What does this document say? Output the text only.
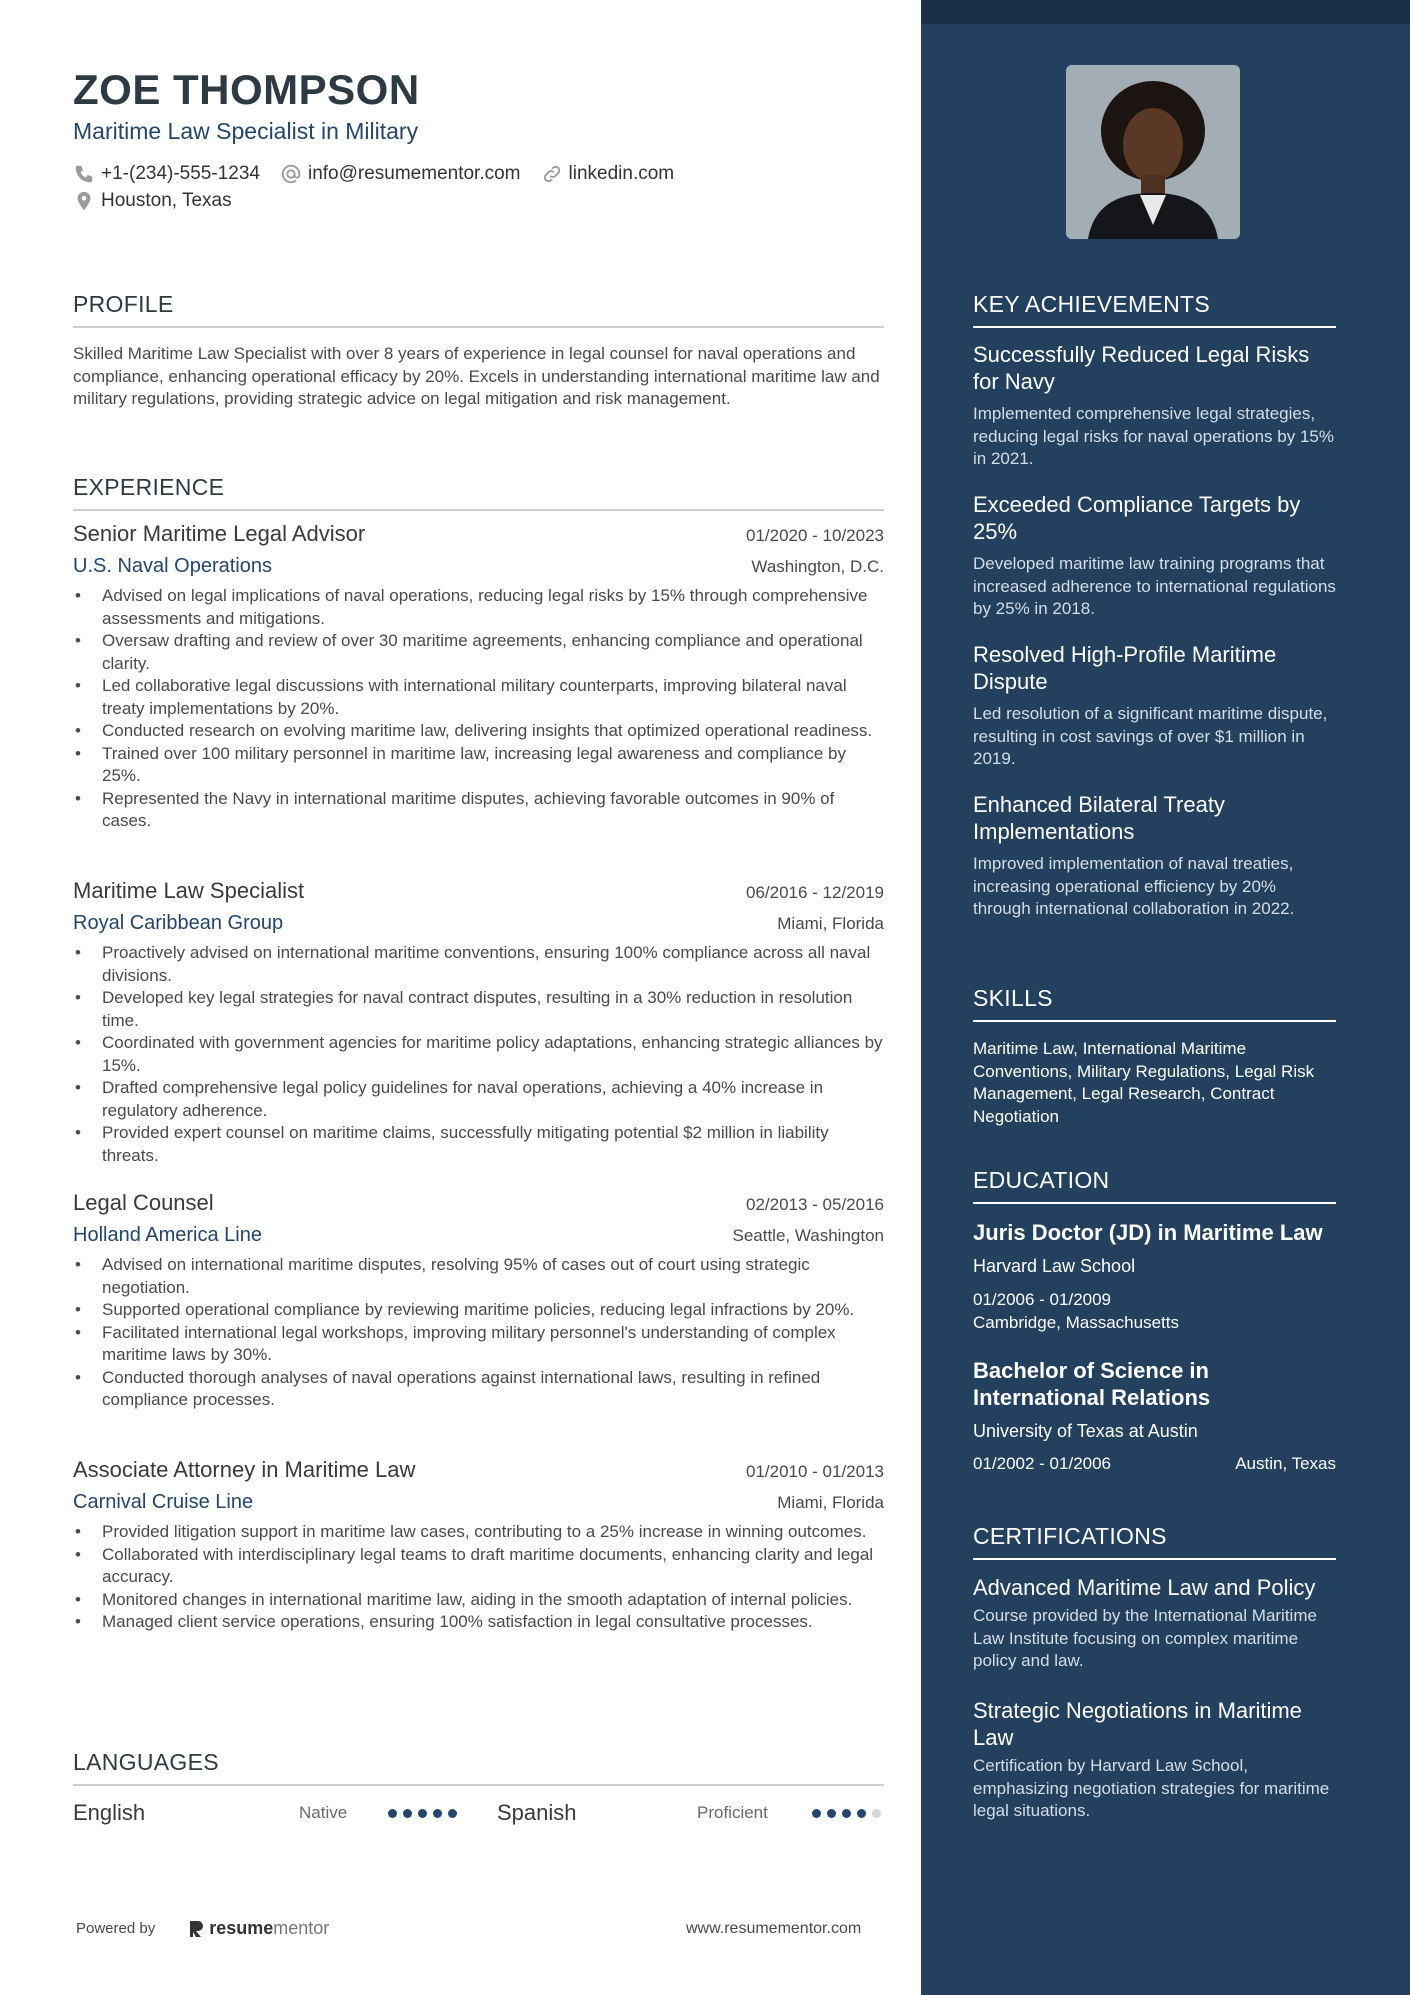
ZOE THOMPSON
Maritime Law Specialist in Military
+1-(234)-555-1234	info@resumementor.com	linkedin.com
Houston, Texas
PROFILE
Skilled Maritime Law Specialist with over 8 years of experience in legal counsel for naval operations and compliance, enhancing operational efficacy by 20%. Excels in understanding international maritime law and military regulations, providing strategic advice on legal mitigation and risk management.
EXPERIENCE
Senior Maritime Legal Advisor	01/2020 - 10/2023
U.S. Naval Operations	Washington, D.C.
• Advised on legal implications of naval operations, reducing legal risks by 15% through comprehensive assessments and mitigations.
• Oversaw drafting and review of over 30 maritime agreements, enhancing compliance and operational clarity.
• Led collaborative legal discussions with international military counterparts, improving bilateral naval treaty implementations by 20%.
• Conducted research on evolving maritime law, delivering insights that optimized operational readiness.
• Trained over 100 military personnel in maritime law, increasing legal awareness and compliance by 25%.
• Represented the Navy in international maritime disputes, achieving favorable outcomes in 90% of cases.
Maritime Law Specialist	06/2016 - 12/2019
Royal Caribbean Group	Miami, Florida
• Proactively advised on international maritime conventions, ensuring 100% compliance across all naval divisions.
• Developed key legal strategies for naval contract disputes, resulting in a 30% reduction in resolution time.
• Coordinated with government agencies for maritime policy adaptations, enhancing strategic alliances by 15%.
• Drafted comprehensive legal policy guidelines for naval operations, achieving a 40% increase in regulatory adherence.
• Provided expert counsel on maritime claims, successfully mitigating potential $2 million in liability threats.
Legal Counsel	02/2013 - 05/2016
Holland America Line	Seattle, Washington
• Advised on international maritime disputes, resolving 95% of cases out of court using strategic negotiation.
• Supported operational compliance by reviewing maritime policies, reducing legal infractions by 20%.
• Facilitated international legal workshops, improving military personnel's understanding of complex maritime laws by 30%.
• Conducted thorough analyses of naval operations against international laws, resulting in refined compliance processes.
Associate Attorney in Maritime Law	01/2010 - 01/2013
Carnival Cruise Line	Miami, Florida
• Provided litigation support in maritime law cases, contributing to a 25% increase in winning outcomes.
• Collaborated with interdisciplinary legal teams to draft maritime documents, enhancing clarity and legal accuracy.
• Monitored changes in international maritime law, aiding in the smooth adaptation of internal policies.
• Managed client service operations, ensuring 100% satisfaction in legal consultative processes.
LANGUAGES
English	Native	Spanish	Proficient
Powered by	resume mentor	www.resumementor.com
KEY ACHIEVEMENTS
Successfully Reduced Legal Risks for Navy
Implemented comprehensive legal strategies, reducing legal risks for naval operations by 15% in 2021.
Exceeded Compliance Targets by 25%
Developed maritime law training programs that increased adherence to international regulations by 25% in 2018.
Resolved High-Profile Maritime Dispute
Led resolution of a significant maritime dispute, resulting in cost savings of over $1 million in 2019.
Enhanced Bilateral Treaty Implementations
Improved implementation of naval treaties, increasing operational efficiency by 20% through international collaboration in 2022.
SKILLS
Maritime Law, International Maritime Conventions, Military Regulations, Legal Risk Management, Legal Research, Contract Negotiation
EDUCATION
Juris Doctor (JD) in Maritime Law
Harvard Law School
01/2006 - 01/2009
Cambridge, Massachusetts
Bachelor of Science in International Relations
University of Texas at Austin
01/2002 - 01/2006	Austin, Texas
CERTIFICATIONS
Advanced Maritime Law and Policy
Course provided by the International Maritime Law Institute focusing on complex maritime policy and law.
Strategic Negotiations in Maritime Law
Certification by Harvard Law School, emphasizing negotiation strategies for maritime legal situations.
